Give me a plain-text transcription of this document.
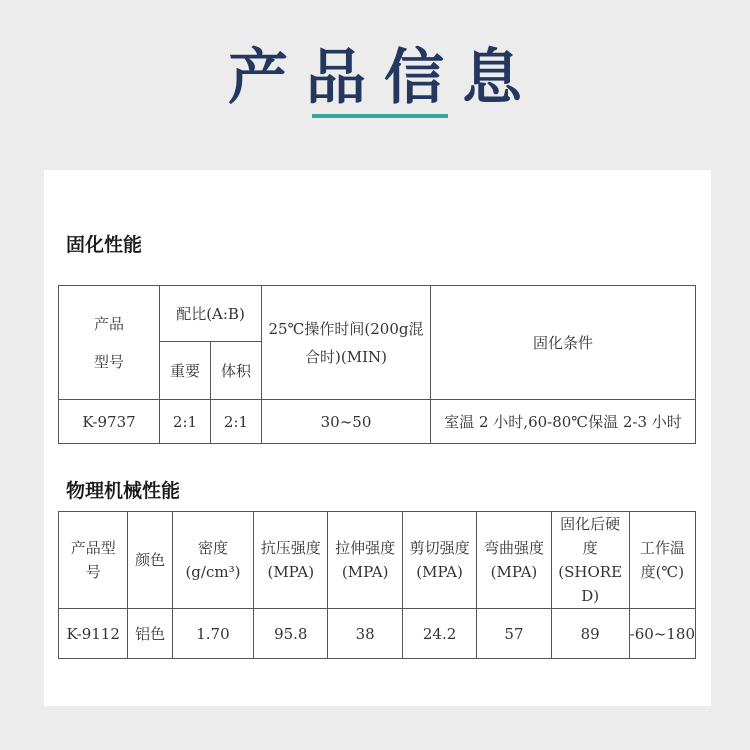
产品信息
固化性能
产品
型号	配比(A:B)		25℃操作时间(200g混合时)(MIN)	固化条件
	重要	体积		
K-9737	2:1	2:1	30~50	室温 2 小时,60-80℃保温 2-3 小时
物理机械性能
产品型号	颜色	密度(g/cm³)	抗压强度(MPA)	拉伸强度(MPA)	剪切强度(MPA)	弯曲强度(MPA)	固化后硬度(SHORE D)	工作温度(℃)
K-9112	铝色	1.70	95.8	38	24.2	57	89	-60~180
